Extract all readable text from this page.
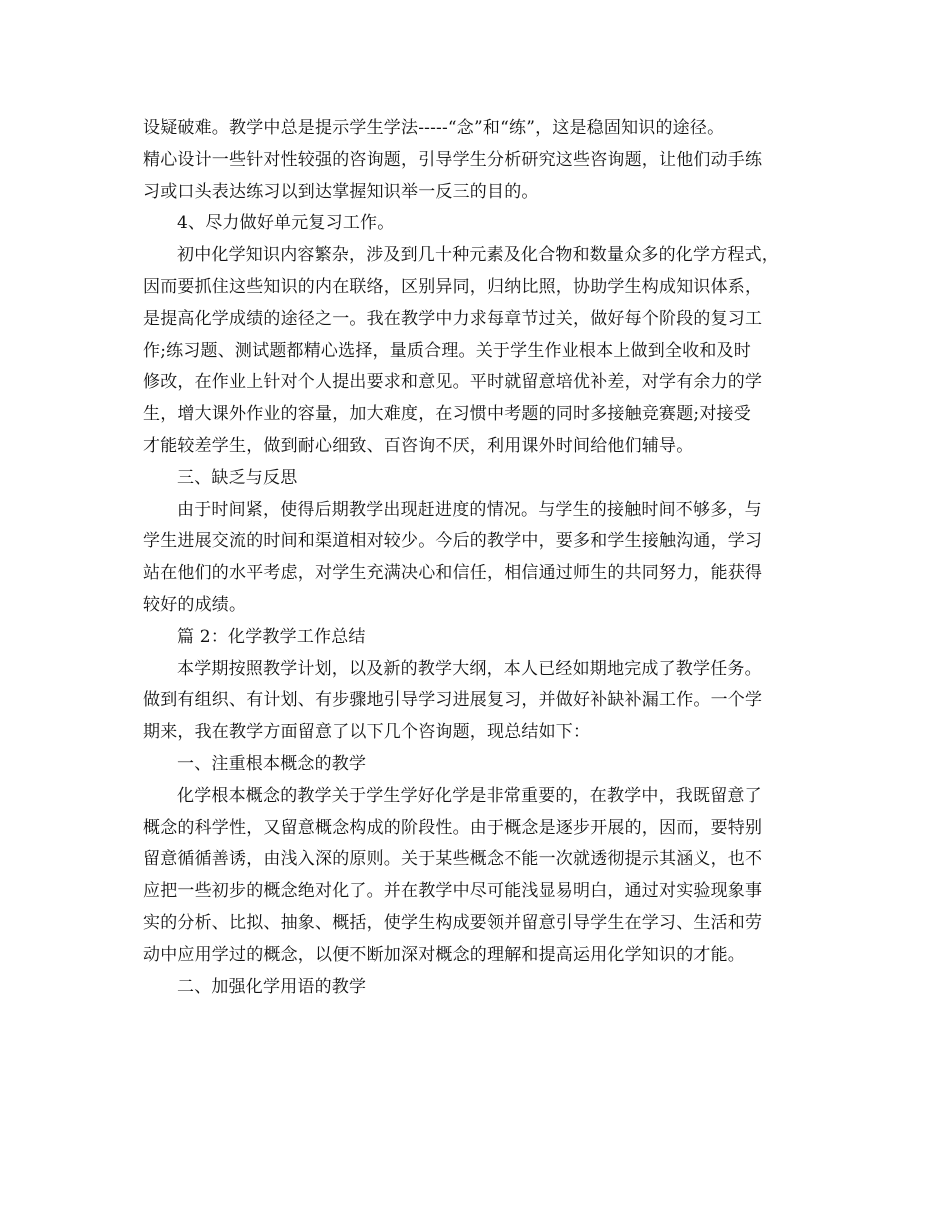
设疑破难。教学中总是提示学生学法-----“念”和“练”，这是稳固知识的途径。
精心设计一些针对性较强的咨询题，引导学生分析研究这些咨询题，让他们动手练
习或口头表达练习以到达掌握知识举一反三的目的。
4、尽力做好单元复习工作。
初中化学知识内容繁杂，涉及到几十种元素及化合物和数量众多的化学方程式，
因而要抓住这些知识的内在联络，区别异同，归纳比照，协助学生构成知识体系，
是提高化学成绩的途径之一。我在教学中力求每章节过关，做好每个阶段的复习工
作;练习题、测试题都精心选择，量质合理。关于学生作业根本上做到全收和及时
修改，在作业上针对个人提出要求和意见。平时就留意培优补差，对学有余力的学
生，增大课外作业的容量，加大难度，在习惯中考题的同时多接触竞赛题;对接受
才能较差学生，做到耐心细致、百咨询不厌，利用课外时间给他们辅导。
三、缺乏与反思
由于时间紧，使得后期教学出现赶进度的情况。与学生的接触时间不够多，与
学生进展交流的时间和渠道相对较少。今后的教学中，要多和学生接触沟通，学习
站在他们的水平考虑，对学生充满决心和信任，相信通过师生的共同努力，能获得
较好的成绩。
篇 2：化学教学工作总结
本学期按照教学计划，以及新的教学大纲，本人已经如期地完成了教学任务。
做到有组织、有计划、有步骤地引导学习进展复习，并做好补缺补漏工作。一个学
期来，我在教学方面留意了以下几个咨询题，现总结如下：
一、注重根本概念的教学
化学根本概念的教学关于学生学好化学是非常重要的，在教学中，我既留意了
概念的科学性，又留意概念构成的阶段性。由于概念是逐步开展的，因而，要特别
留意循循善诱，由浅入深的原则。关于某些概念不能一次就透彻提示其涵义，也不
应把一些初步的概念绝对化了。并在教学中尽可能浅显易明白，通过对实验现象事
实的分析、比拟、抽象、概括，使学生构成要领并留意引导学生在学习、生活和劳
动中应用学过的概念，以便不断加深对概念的理解和提高运用化学知识的才能。
二、加强化学用语的教学
